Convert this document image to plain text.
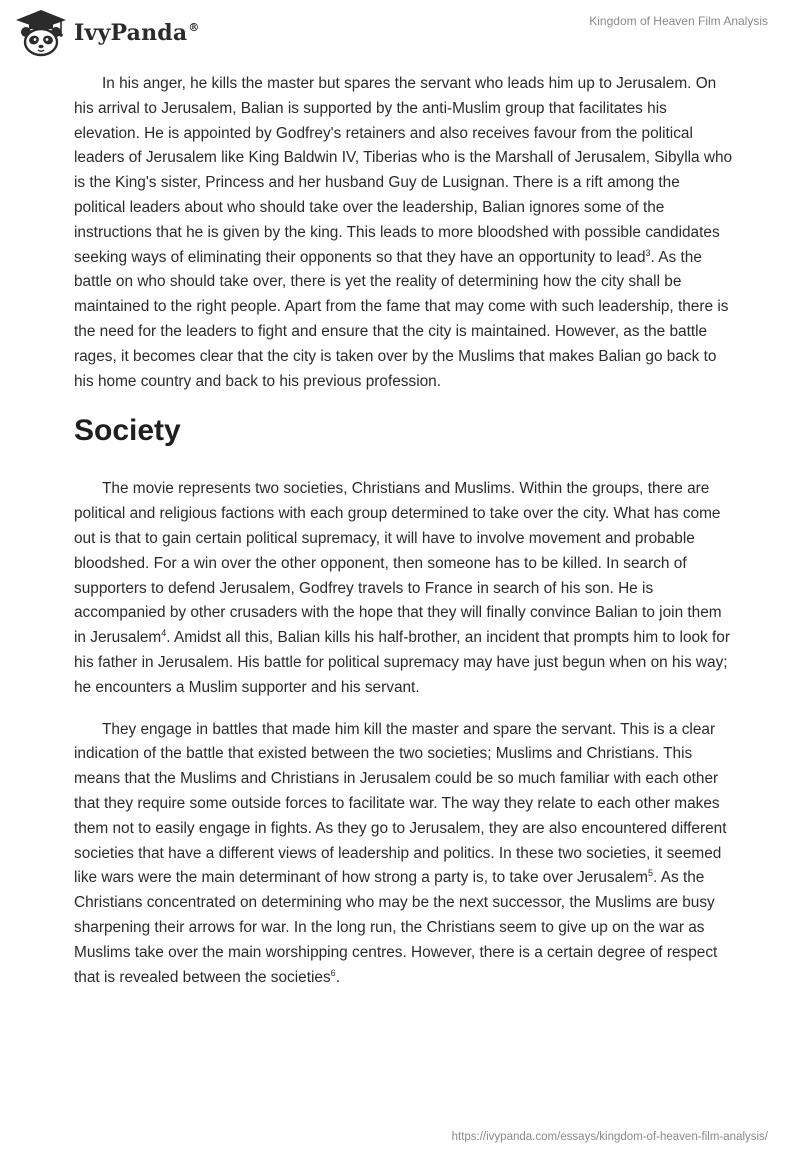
IvyPanda®	Kingdom of Heaven Film Analysis

In his anger, he kills the master but spares the servant who leads him up to Jerusalem. On his arrival to Jerusalem, Balian is supported by the anti-Muslim group that facilitates his elevation. He is appointed by Godfrey's retainers and also receives favour from the political leaders of Jerusalem like King Baldwin IV, Tiberias who is the Marshall of Jerusalem, Sibylla who is the King's sister, Princess and her husband Guy de Lusignan. There is a rift among the political leaders about who should take over the leadership, Balian ignores some of the instructions that he is given by the king. This leads to more bloodshed with possible candidates seeking ways of eliminating their opponents so that they have an opportunity to lead$^3$. As the battle on who should take over, there is yet the reality of determining how the city shall be maintained to the right people. Apart from the fame that may come with such leadership, there is the need for the leaders to fight and ensure that the city is maintained. However, as the battle rages, it becomes clear that the city is taken over by the Muslims that makes Balian go back to his home country and back to his previous profession.

Society

The movie represents two societies, Christians and Muslims. Within the groups, there are political and religious factions with each group determined to take over the city. What has come out is that to gain certain political supremacy, it will have to involve movement and probable bloodshed. For a win over the other opponent, then someone has to be killed. In search of supporters to defend Jerusalem, Godfrey travels to France in search of his son. He is accompanied by other crusaders with the hope that they will finally convince Balian to join them in Jerusalem$^4$. Amidst all this, Balian kills his half-brother, an incident that prompts him to look for his father in Jerusalem. His battle for political supremacy may have just begun when on his way; he encounters a Muslim supporter and his servant.

They engage in battles that made him kill the master and spare the servant. This is a clear indication of the battle that existed between the two societies; Muslims and Christians. This means that the Muslims and Christians in Jerusalem could be so much familiar with each other that they require some outside forces to facilitate war. The way they relate to each other makes them not to easily engage in fights. As they go to Jerusalem, they are also encountered different societies that have a different views of leadership and politics. In these two societies, it seemed like wars were the main determinant of how strong a party is, to take over Jerusalem$^5$. As the Christians concentrated on determining who may be the next successor, the Muslims are busy sharpening their arrows for war. In the long run, the Christians seem to give up on the war as Muslims take over the main worshipping centres. However, there is a certain degree of respect that is revealed between the societies$^6$.

https://ivypanda.com/essays/kingdom-of-heaven-film-analysis/
